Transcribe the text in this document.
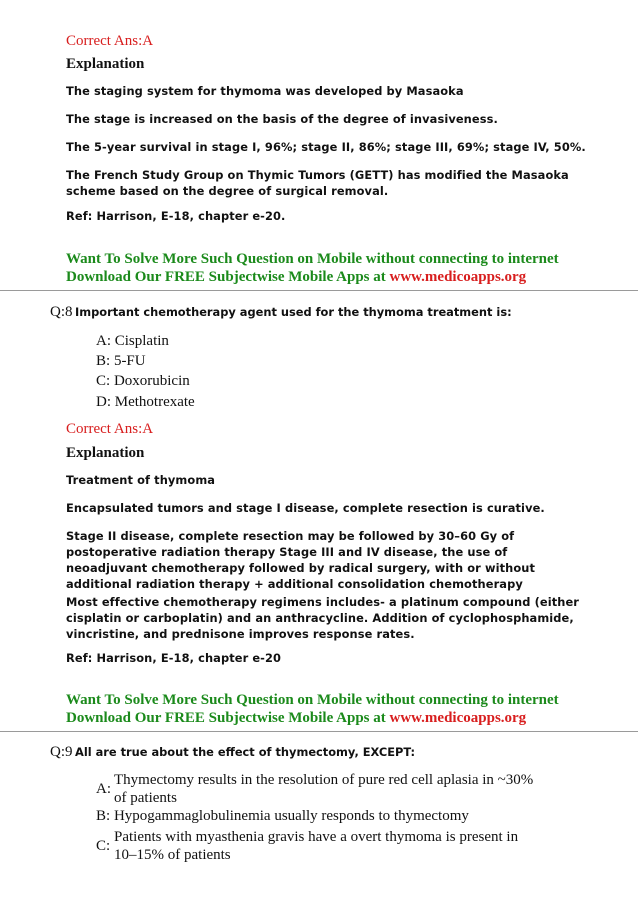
Correct Ans:A
Explanation
The staging system for thymoma was developed by Masaoka
The stage is increased on the basis of the degree of invasiveness.
The 5-year survival in stage I, 96%; stage II, 86%; stage III, 69%; stage IV, 50%.
The French Study Group on Thymic Tumors (GETT) has modified the Masaoka scheme based on the degree of surgical removal.
Ref: Harrison, E-18, chapter e-20.
Want To Solve More Such Question on Mobile without connecting to internet
Download Our FREE Subjectwise Mobile Apps at www.medicoapps.org
Q:8 Important chemotherapy agent used for the thymoma treatment is:
A: Cisplatin
B: 5-FU
C: Doxorubicin
D: Methotrexate
Correct Ans:A
Explanation
Treatment of thymoma
Encapsulated tumors and stage I disease, complete resection is curative.
Stage II disease, complete resection may be followed by 30–60 Gy of postoperative radiation therapy Stage III and IV disease, the use of neoadjuvant chemotherapy followed by radical surgery, with or without additional radiation therapy + additional consolidation chemotherapy
Most effective chemotherapy regimens includes- a platinum compound (either cisplatin or carboplatin) and an anthracycline. Addition of cyclophosphamide, vincristine, and prednisone improves response rates.
Ref: Harrison, E-18, chapter e-20
Want To Solve More Such Question on Mobile without connecting to internet
Download Our FREE Subjectwise Mobile Apps at www.medicoapps.org
Q:9 All are true about the effect of thymectomy, EXCEPT:
A:
Thymectomy results in the resolution of pure red cell aplasia in ~30% of patients
B: Hypogammaglobulinemia usually responds to thymectomy
C:
Patients with myasthenia gravis have a overt thymoma is present in 10–15% of patients
